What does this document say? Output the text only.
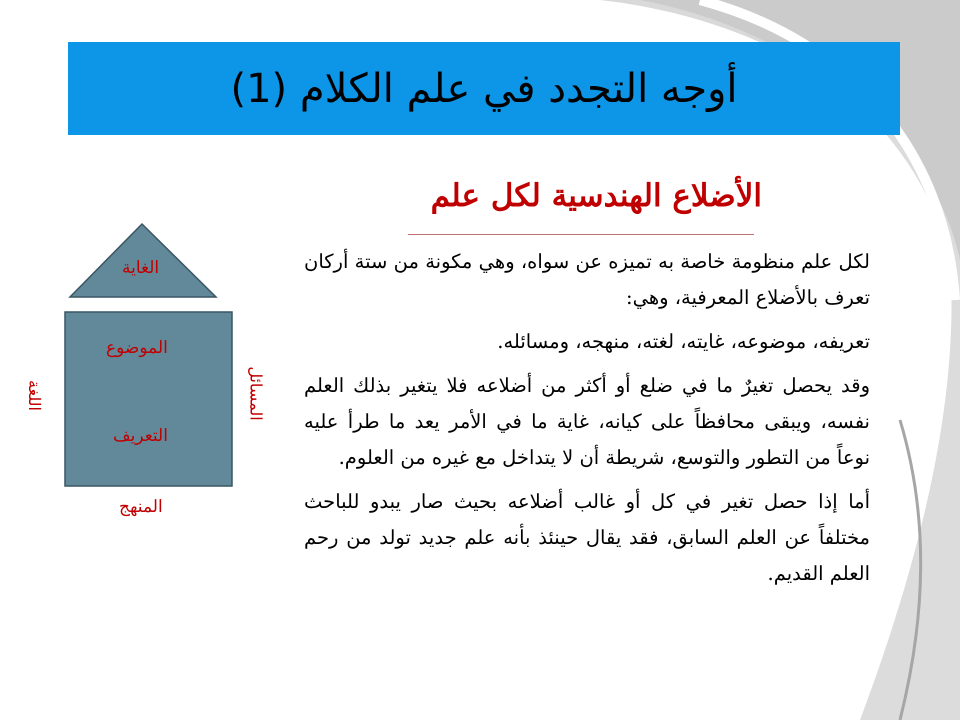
أوجه التجدد في علم الكلام (1)
الأضلاع الهندسية لكل علم

لكل علم منظومة خاصة به تميزه عن سواه، وهي مكونة من ستة أركان تعرف بالأضلاع المعرفية، وهي:

تعريفه، موضوعه، غايته، لغته، منهجه، ومسائله.

وقد يحصل تغيرٌ ما في ضلع أو أكثر من أضلاعه فلا يتغير بذلك العلم نفسه، ويبقى محافظاً على كيانه، غاية ما في الأمر يعد ما طرأ عليه نوعاً من التطور والتوسع، شريطة أن لا يتداخل مع غيره من العلوم.

أما إذا حصل تغير في كل أو غالب أضلاعه بحيث صار يبدو للباحث مختلفاً عن العلم السابق، فقد يقال حينئذ بأنه علم جديد تولد من رحم العلم القديم.

الغاية
الموضوع
التعريف
المنهج
اللغة	المسائل
